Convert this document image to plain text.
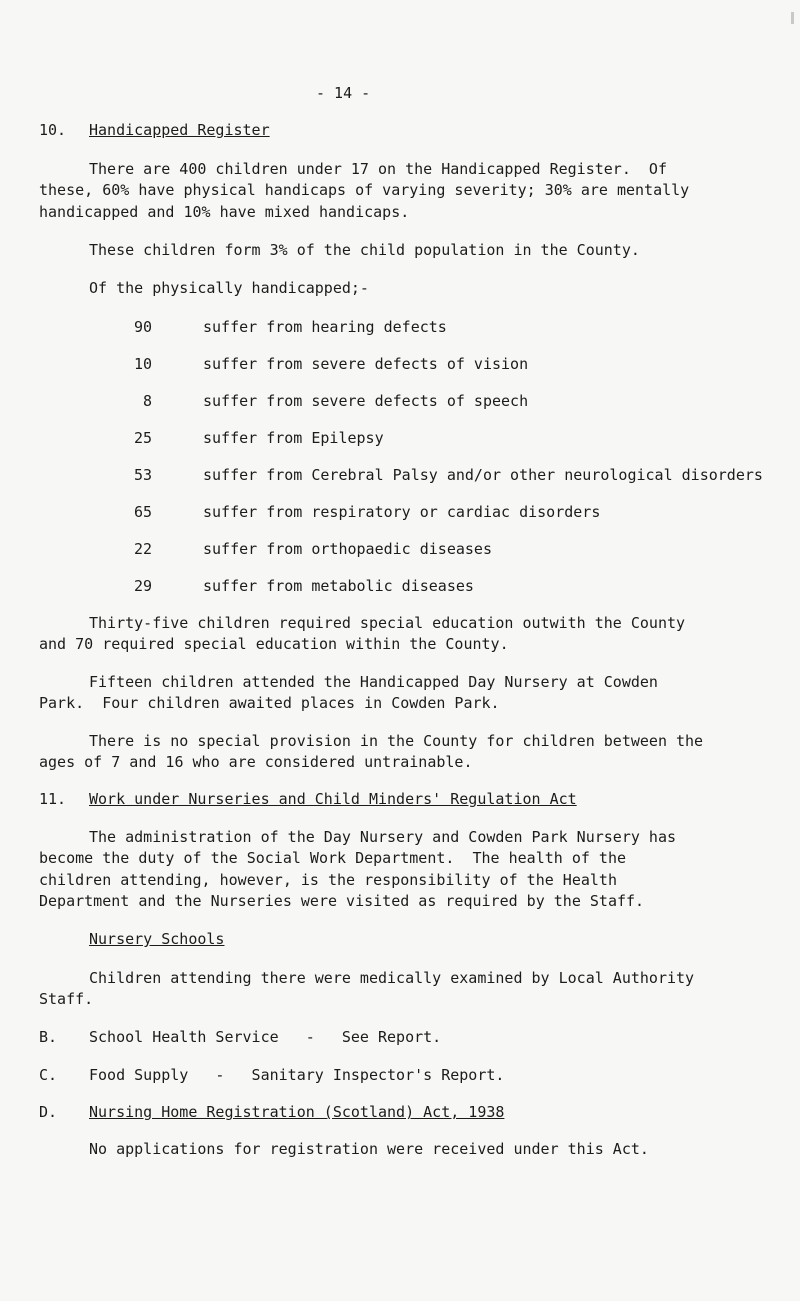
- 14 -
10. Handicapped Register
There are 400 children under 17 on the Handicapped Register.  Of
these, 60% have physical handicaps of varying severity; 30% are mentally
handicapped and 10% have mixed handicaps.
These children form 3% of the child population in the County.
Of the physically handicapped;-
90	suffer from hearing defects
10	suffer from severe defects of vision
8	suffer from severe defects of speech
25	suffer from Epilepsy
53	suffer from Cerebral Palsy and/or other neurological disorders
65	suffer from respiratory or cardiac disorders
22	suffer from orthopaedic diseases
29	suffer from metabolic diseases
Thirty-five children required special education outwith the County
and 70 required special education within the County.
Fifteen children attended the Handicapped Day Nursery at Cowden
Park.  Four children awaited places in Cowden Park.
There is no special provision in the County for children between the
ages of 7 and 16 who are considered untrainable.
11. Work under Nurseries and Child Minders' Regulation Act
The administration of the Day Nursery and Cowden Park Nursery has
become the duty of the Social Work Department.  The health of the
children attending, however, is the responsibility of the Health
Department and the Nurseries were visited as required by the Staff.
Nursery Schools
Children attending there were medically examined by Local Authority
Staff.
B. School Health Service   -   See Report.
C. Food Supply   -   Sanitary Inspector's Report.
D. Nursing Home Registration (Scotland) Act, 1938
No applications for registration were received under this Act.
